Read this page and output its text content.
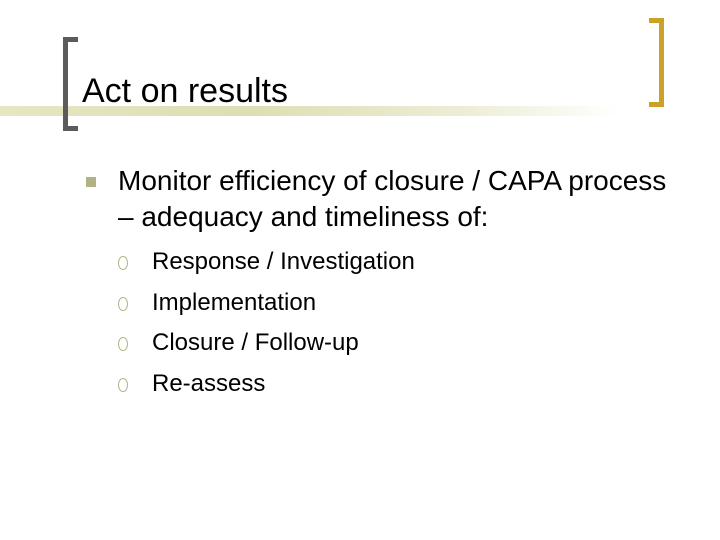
Act on results
Monitor efficiency of closure / CAPA process – adequacy and timeliness of:
Response / Investigation
Implementation
Closure / Follow-up
Re-assess
